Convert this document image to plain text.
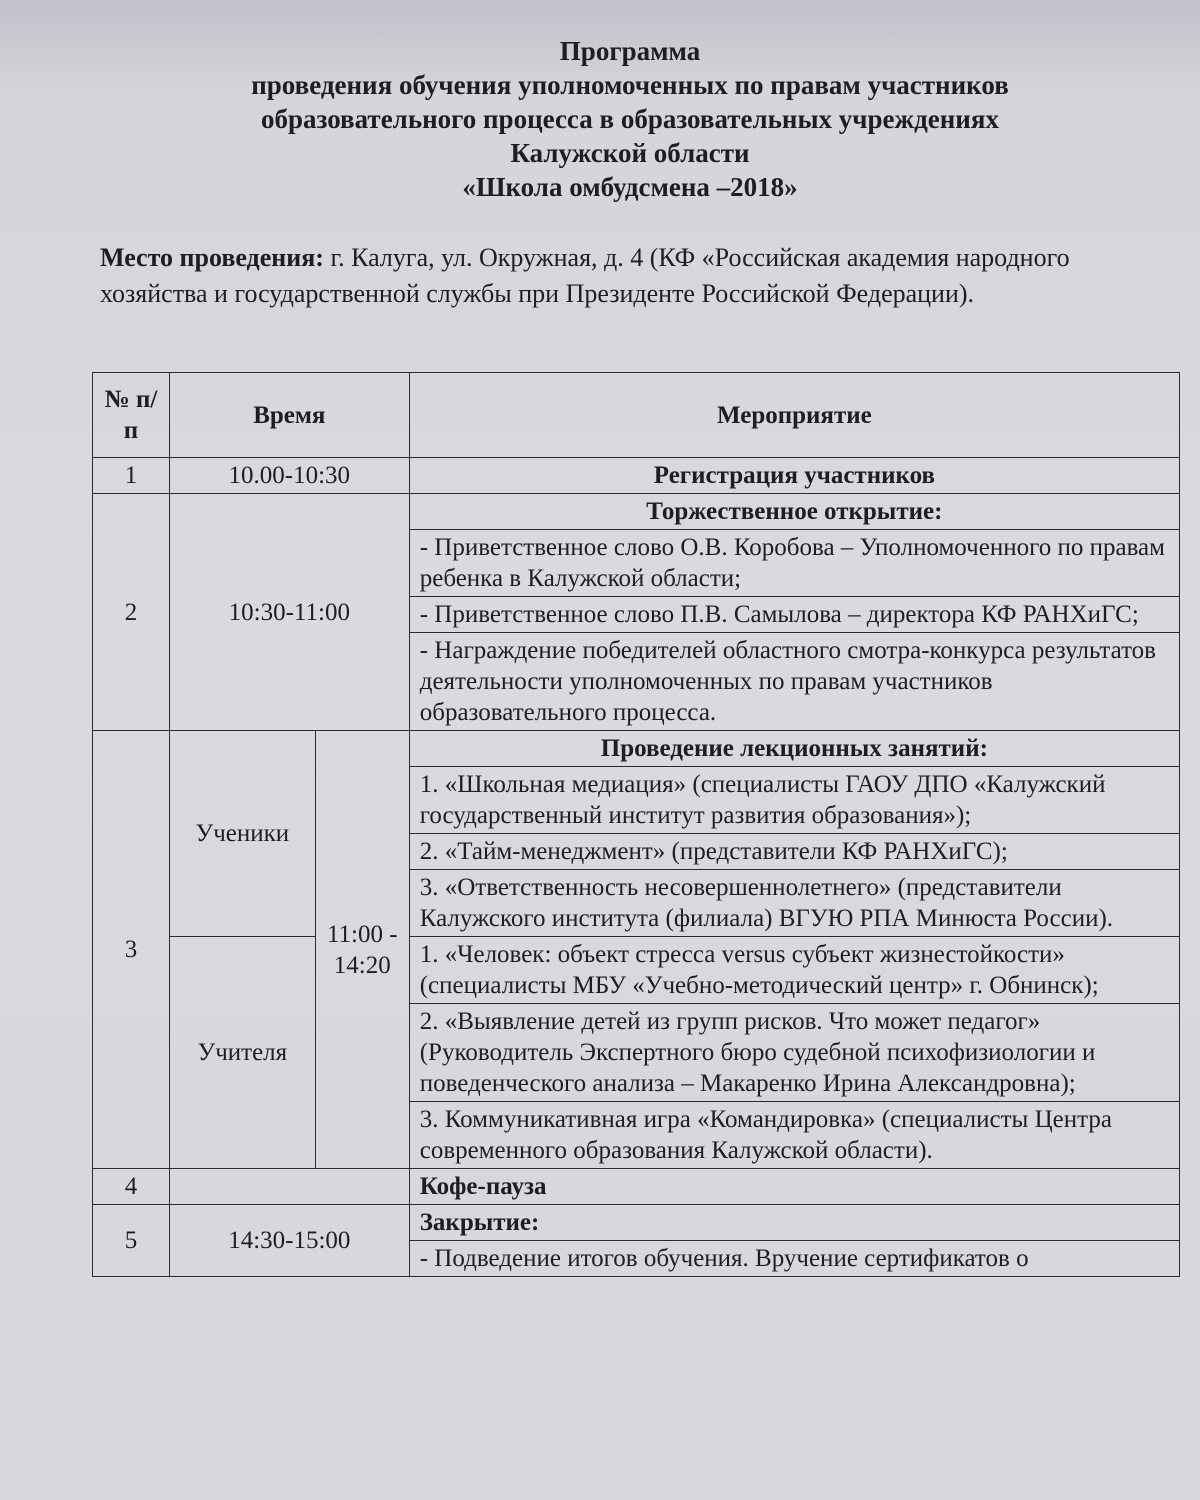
Программа
проведения обучения уполномоченных по правам участников
образовательного процесса в образовательных учреждениях
Калужской области
«Школа омбудсмена –2018»
Место проведения: г. Калуга, ул. Окружная, д. 4 (КФ «Российская академия народного хозяйства и государственной службы при Президенте Российской Федерации).
№ п/п	Время		Мероприятие
1	10.00-10:30		Регистрация участников
2	10:30-11:00		Торжественное открытие:
			- Приветственное слово О.В. Коробова – Уполномоченного по правам ребенка в Калужской области;
			- Приветственное слово П.В. Самылова – директора КФ РАНХиГС;
			- Награждение победителей областного смотра-конкурса результатов деятельности уполномоченных по правам участников образовательного процесса.
3	Ученики	11:00 - 14:20	Проведение лекционных занятий:
			1. «Школьная медиация» (специалисты ГАОУ ДПО «Калужский государственный институт развития образования»);
			2. «Тайм-менеджмент» (представители КФ РАНХиГС);
			3. «Ответственность несовершеннолетнего» (представители Калужского института (филиала) ВГУЮ РПА Минюста России).
	Учителя		1. «Человек: объект стресса versus субъект жизнестойкости» (специалисты МБУ «Учебно-методический центр» г. Обнинск);
			2. «Выявление детей из групп рисков. Что может педагог» (Руководитель Экспертного бюро судебной психофизиологии и поведенческого анализа – Макаренко Ирина Александровна);
			3. Коммуникативная игра «Командировка» (специалисты Центра современного образования Калужской области).
4			Кофе-пауза
5	14:30-15:00		Закрытие:
			- Подведение итогов обучения. Вручение сертификатов о
